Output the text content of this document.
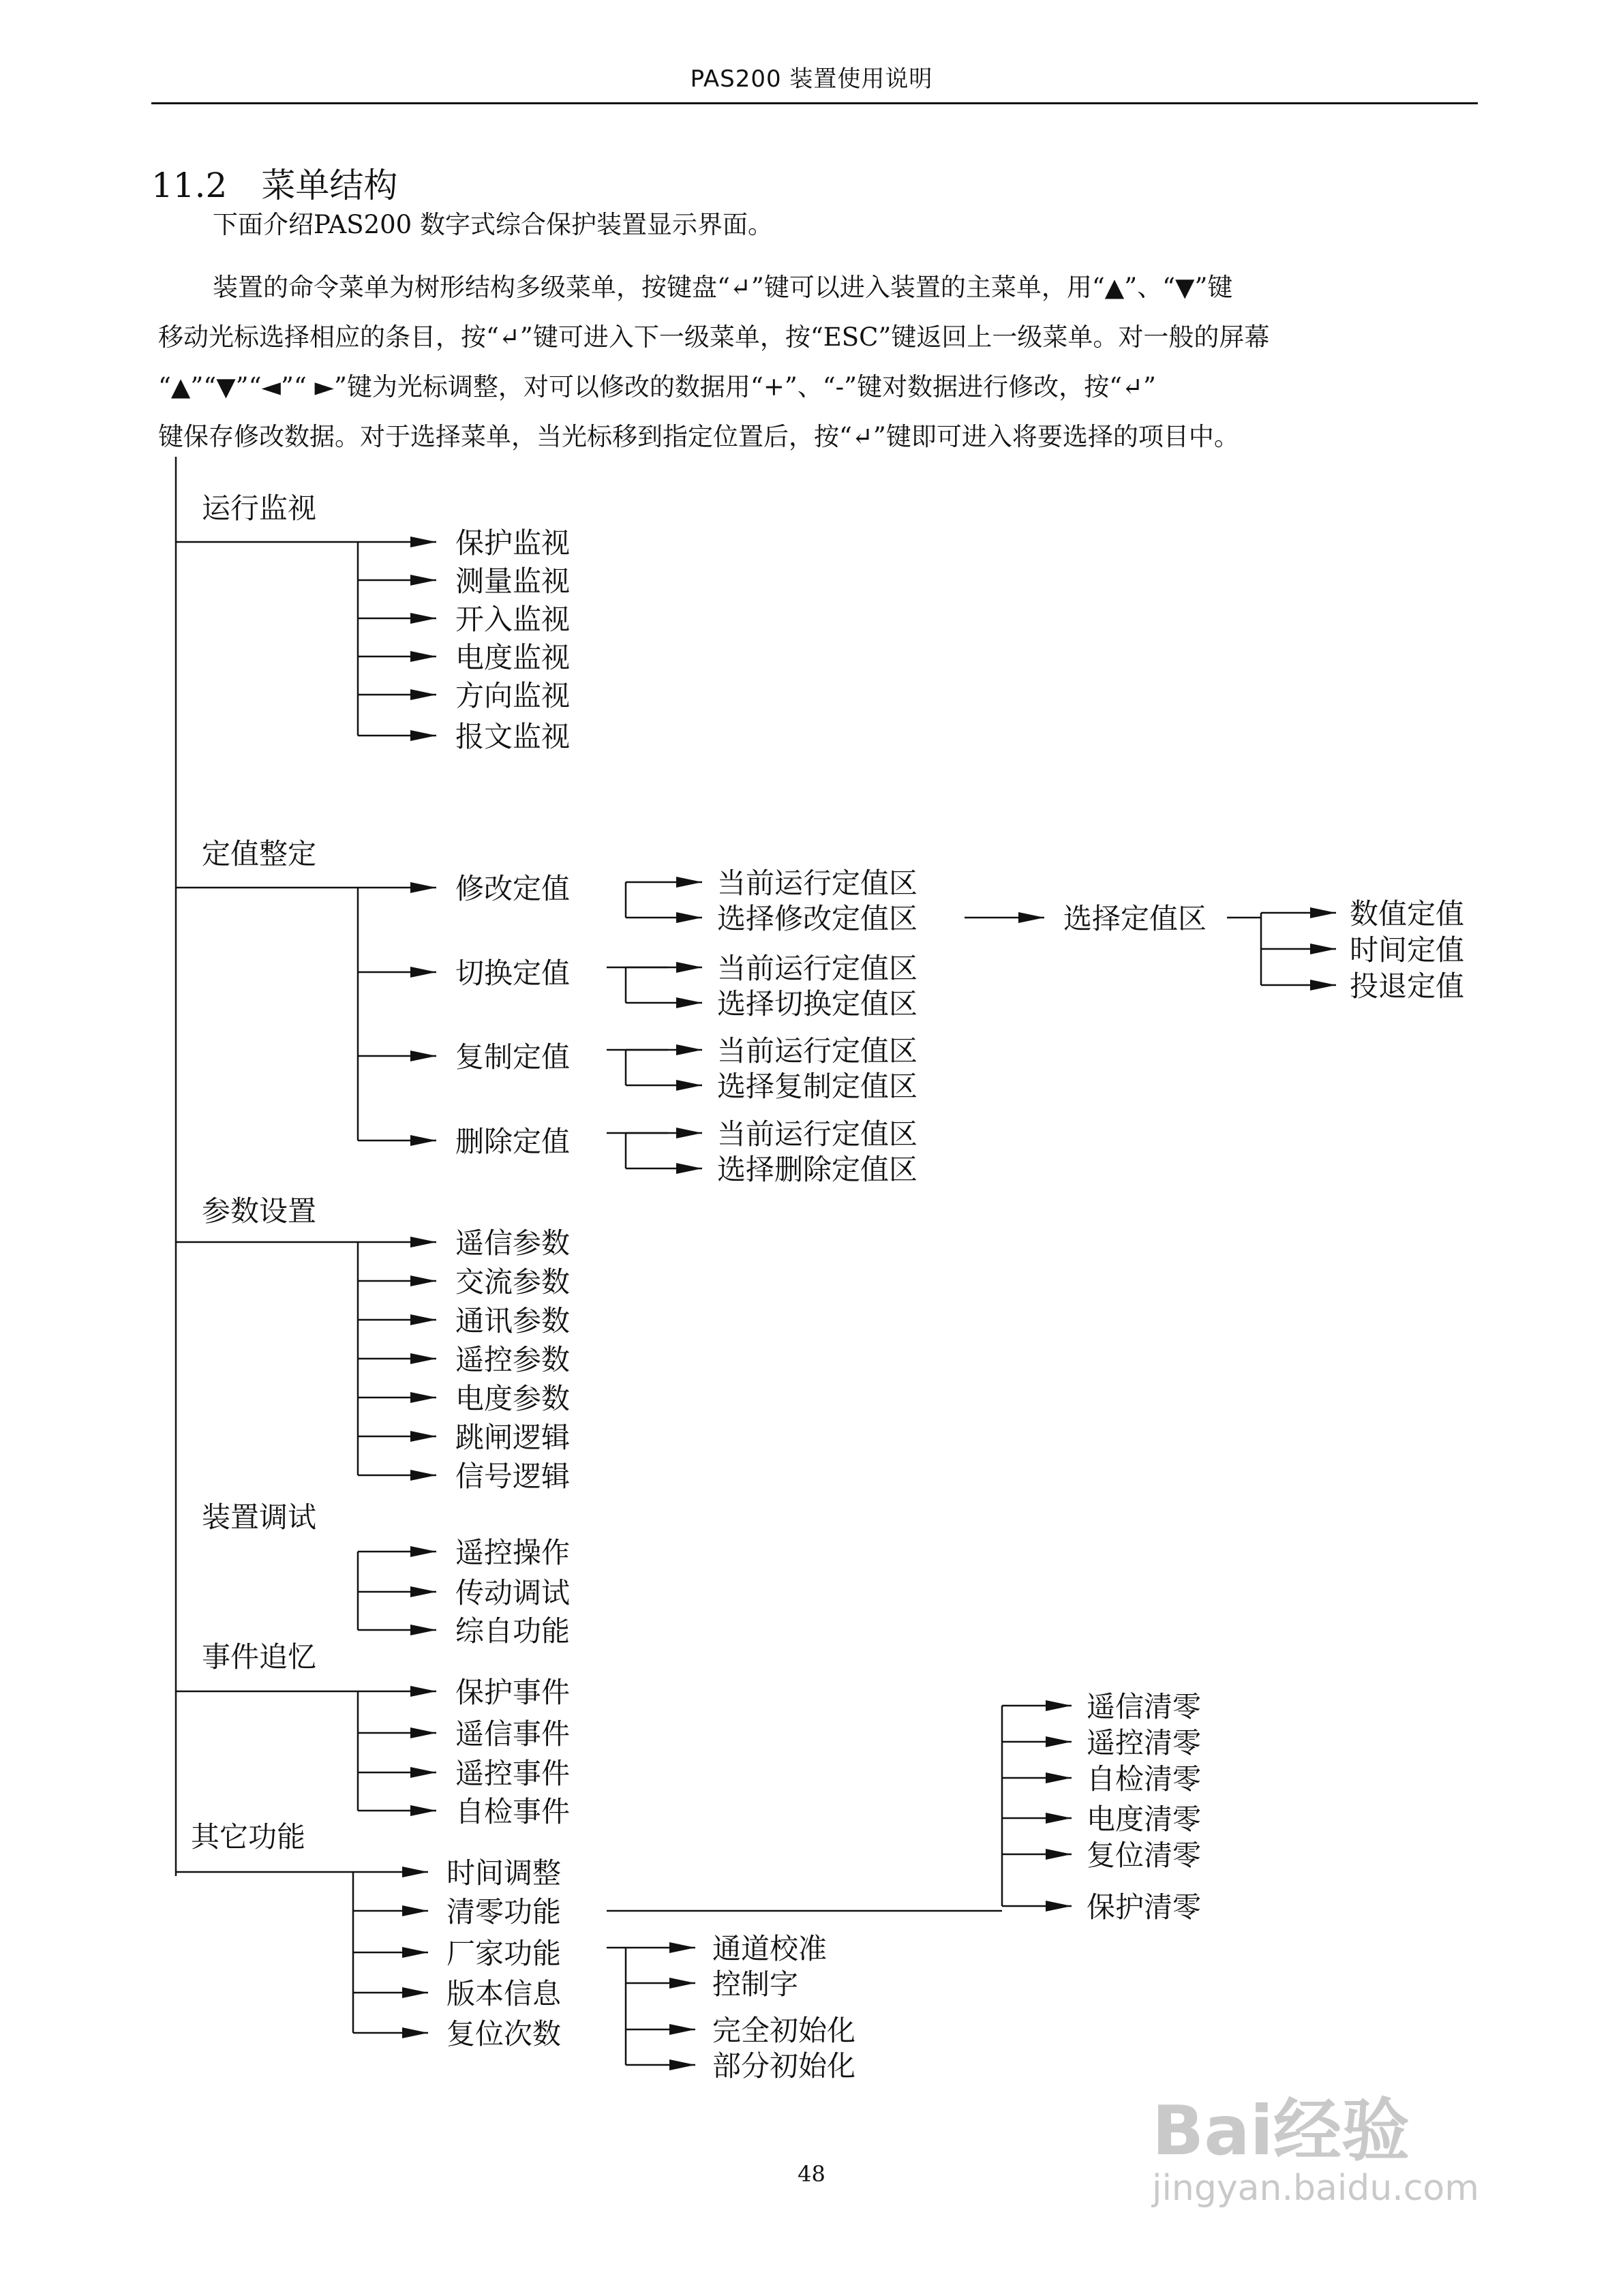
PAS200 装置使用说明
11.2　菜单结构
下面介绍PAS200 数字式综合保护装置显示界面。
装置的命令菜单为树形结构多级菜单，按键盘“↵”键可以进入装置的主菜单，用“▲”、“▼”键
移动光标选择相应的条目，按“↵”键可进入下一级菜单，按“ESC”键返回上一级菜单。对一般的屏幕
“▲”“▼”“◄”“ ►”键为光标调整，对可以修改的数据用“+”、“-”键对数据进行修改，按“↵”
键保存修改数据。对于选择菜单，当光标移到指定位置后，按“↵”键即可进入将要选择的项目中。
运行监视
定值整定
参数设置
装置调试
事件追忆
其它功能
保护监视
测量监视
开入监视
电度监视
方向监视
报文监视
修改定值	当前运行定值区
选择修改定值区	选择定值区	数值定值
时间定值
投退定值
切换定值	当前运行定值区
选择切换定值区
复制定值	当前运行定值区
选择复制定值区
删除定值	当前运行定值区
选择删除定值区
遥信参数
交流参数
通讯参数
遥控参数
电度参数
跳闸逻辑
信号逻辑
遥控操作
传动调试
综自功能
保护事件
遥信事件
遥控事件
自检事件
时间调整
清零功能
厂家功能
版本信息
复位次数
遥信清零
遥控清零
自检清零
电度清零
复位清零
保护清零
通道校准
控制字
完全初始化
部分初始化
48
Bai经验
jingyan.baidu.com
